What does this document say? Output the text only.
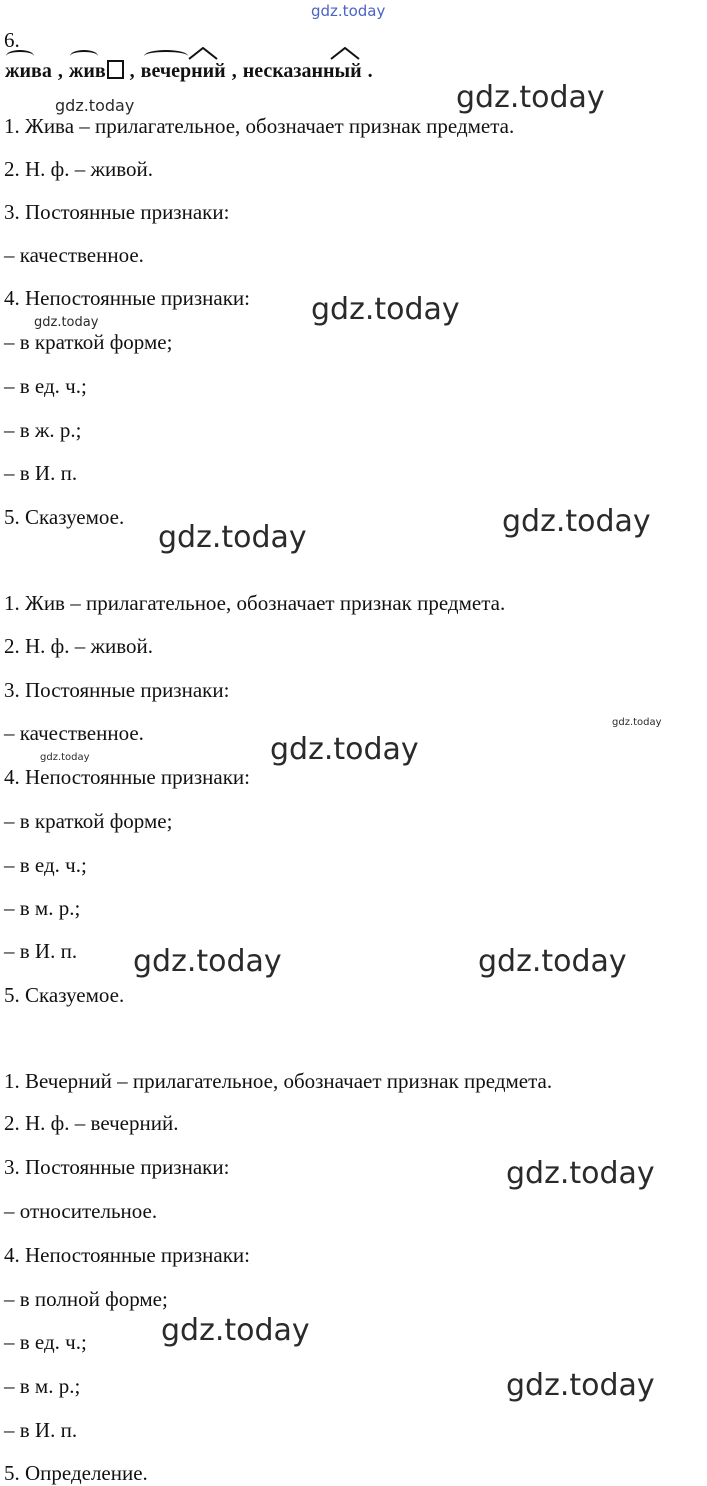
gdz.today
6.
жива , жив , вечерний , несказанный .
1. Жива – прилагательное, обозначает признак предмета.
2. Н. ф. – живой.
3. Постоянные признаки:
– качественное.
4. Непостоянные признаки:
– в краткой форме;
– в ед. ч.;
– в ж. р.;
– в И. п.
5. Сказуемое.
1. Жив – прилагательное, обозначает признак предмета.
2. Н. ф. – живой.
3. Постоянные признаки:
– качественное.
4. Непостоянные признаки:
– в краткой форме;
– в ед. ч.;
– в м. р.;
– в И. п.
5. Сказуемое.
1. Вечерний – прилагательное, обозначает признак предмета.
2. Н. ф. – вечерний.
3. Постоянные признаки:
– относительное.
4. Непостоянные признаки:
– в полной форме;
– в ед. ч.;
– в м. р.;
– в И. п.
5. Определение.
gdz.today	gdz.today
gdz.today	gdz.today
gdz.today
gdz.today
gdz.today
gdz.today
gdz.today
gdz.today	gdz.today
gdz.today
gdz.today
gdz.today
